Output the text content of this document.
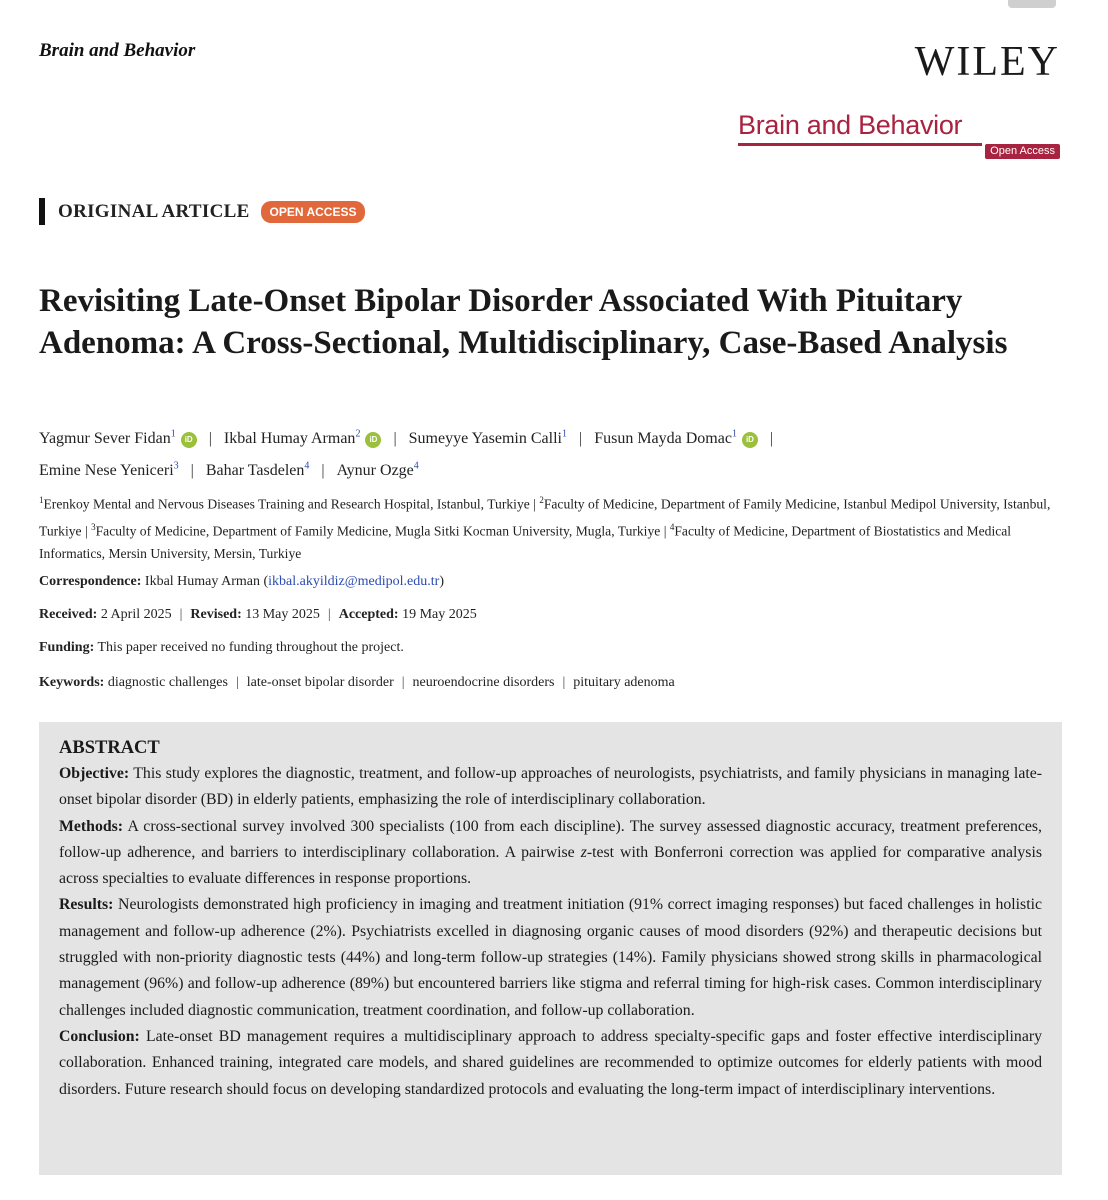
Brain and Behavior	WILEY
Brain and Behavior
Open Access
ORIGINAL ARTICLE	OPEN ACCESS
Revisiting Late-Onset Bipolar Disorder Associated With Pituitary Adenoma: A Cross-Sectional, Multidisciplinary, Case-Based Analysis
Yagmur Sever Fidan$^1$ iD | Ikbal Humay Arman$^2$ iD | Sumeyye Yasemin Calli$^1$ | Fusun Mayda Domac$^1$ iD |
Emine Nese Yeniceri$^3$ | Bahar Tasdelen$^4$ | Aynur Ozge$^4$
$^1$Erenkoy Mental and Nervous Diseases Training and Research Hospital, Istanbul, Turkiye | $^2$Faculty of Medicine, Department of Family Medicine, Istanbul Medipol University, Istanbul, Turkiye | $^3$Faculty of Medicine, Department of Family Medicine, Mugla Sitki Kocman University, Mugla, Turkiye | $^4$Faculty of Medicine, Department of Biostatistics and Medical Informatics, Mersin University, Mersin, Turkiye
Correspondence: Ikbal Humay Arman (ikbal.akyildiz@medipol.edu.tr)
Received: 2 April 2025 | Revised: 13 May 2025 | Accepted: 19 May 2025
Funding: This paper received no funding throughout the project.
Keywords: diagnostic challenges | late-onset bipolar disorder | neuroendocrine disorders | pituitary adenoma
ABSTRACT

Objective: This study explores the diagnostic, treatment, and follow-up approaches of neurologists, psychiatrists, and family physicians in managing late-onset bipolar disorder (BD) in elderly patients, emphasizing the role of interdisciplinary collaboration.

Methods: A cross-sectional survey involved 300 specialists (100 from each discipline). The survey assessed diagnostic accuracy, treatment preferences, follow-up adherence, and barriers to interdisciplinary collaboration. A pairwise z-test with Bonferroni correction was applied for comparative analysis across specialties to evaluate differences in response proportions.

Results: Neurologists demonstrated high proficiency in imaging and treatment initiation (91% correct imaging responses) but faced challenges in holistic management and follow-up adherence (2%). Psychiatrists excelled in diagnosing organic causes of mood disorders (92%) and therapeutic decisions but struggled with non-priority diagnostic tests (44%) and long-term follow-up strategies (14%). Family physicians showed strong skills in pharmacological management (96%) and follow-up adherence (89%) but encountered barriers like stigma and referral timing for high-risk cases. Common interdisciplinary challenges included diagnostic communication, treatment coordination, and follow-up collaboration.

Conclusion: Late-onset BD management requires a multidisciplinary approach to address specialty-specific gaps and foster effective interdisciplinary collaboration. Enhanced training, integrated care models, and shared guidelines are recommended to optimize outcomes for elderly patients with mood disorders. Future research should focus on developing standardized protocols and evaluating the long-term impact of interdisciplinary interventions.
